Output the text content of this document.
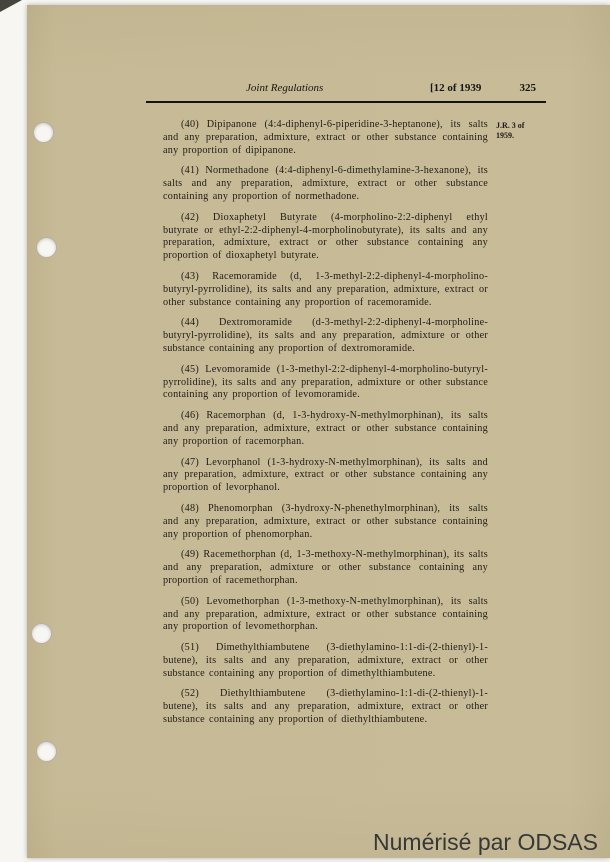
Joint Regulations	[12 of 1939	325
J.R. 3 of 1959.

(40) Dipipanone (4:4-diphenyl-6-piperidine-3-heptanone), its salts and any preparation, admixture, extract or other substance containing any proportion of dipipanone.

(41) Normethadone (4:4-diphenyl-6-dimethylamine-3-hexanone), its salts and any preparation, admixture, extract or other substance containing any proportion of normethadone.

(42) Dioxaphetyl Butyrate (4-morpholino-2:2-diphenyl ethyl butyrate or ethyl-2:2-diphenyl-4-morpholinobutyrate), its salts and any preparation, admixture, extract or other substance containing any proportion of dioxaphetyl butyrate.

(43) Racemoramide (d, 1-3-methyl-2:2-diphenyl-4-morpholino-butyryl-pyrrolidine), its salts and any preparation, admixture, extract or other substance containing any proportion of racemoramide.

(44) Dextromoramide (d-3-methyl-2:2-diphenyl-4-morpholine-butyryl-pyrrolidine), its salts and any preparation, admixture or other substance containing any proportion of dextromoramide.

(45) Levomoramide (1-3-methyl-2:2-diphenyl-4-morpholino-butyryl-pyrrolidine), its salts and any preparation, admixture or other substance containing any proportion of levomoramide.

(46) Racemorphan (d, 1-3-hydroxy-N-methylmorphinan), its salts and any preparation, admixture, extract or other substance containing any proportion of racemorphan.

(47) Levorphanol (1-3-hydroxy-N-methylmorphinan), its salts and any preparation, admixture, extract or other substance containing any proportion of levorphanol.

(48) Phenomorphan (3-hydroxy-N-phenethylmorphinan), its salts and any preparation, admixture, extract or other substance containing any proportion of phenomorphan.

(49) Racemethorphan (d, 1-3-methoxy-N-methylmorphinan), its salts and any preparation, admixture or other substance containing any proportion of racemethorphan.

(50) Levomethorphan (1-3-methoxy-N-methylmorphinan), its salts and any preparation, admixture, extract or other substance containing any proportion of levomethorphan.

(51) Dimethylthiambutene (3-diethylamino-1:1-di-(2-thienyl)-1-butene), its salts and any preparation, admixture, extract or other substance containing any proportion of dimethylthiambutene.

(52) Diethylthiambutene (3-diethylamino-1:1-di-(2-thienyl)-1-butene), its salts and any preparation, admixture, extract or other substance containing any proportion of diethylthiambutene.

Numérisé par ODSAS
